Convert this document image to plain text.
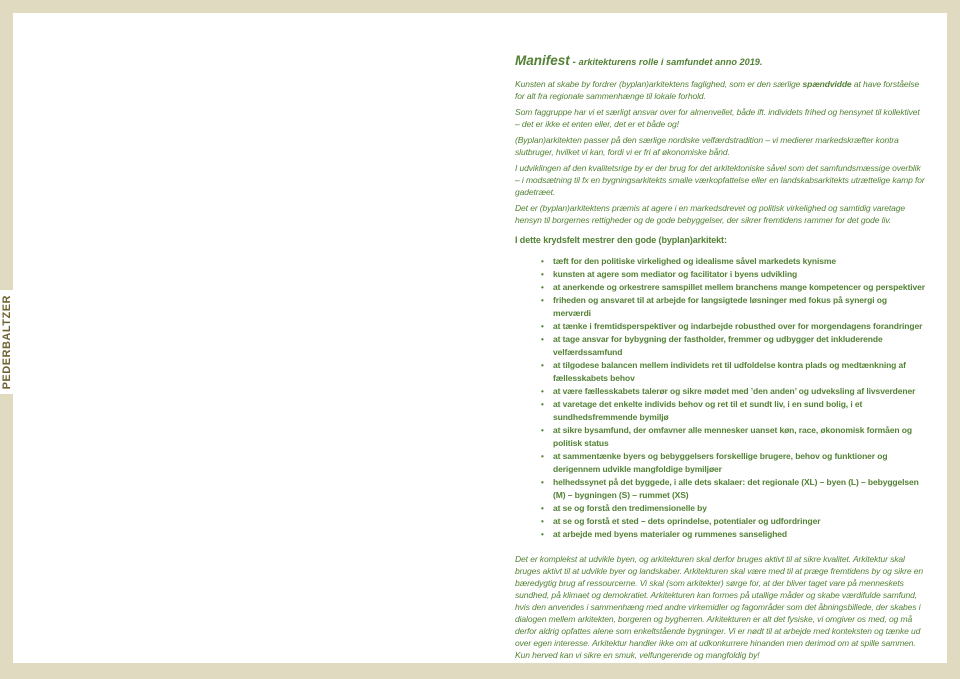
Manifest - arkitekturens rolle i samfundet anno 2019.

Kunsten at skabe by fordrer (byplan)arkitektens faglighed, som er den særlige spændvidde at have forståelse for alt fra regionale sammenhænge til lokale forhold.

Som faggruppe har vi et særligt ansvar over for almenvellet, både ift. individets frihed og hensynet til kollektivet – det er ikke et enten eller, det er et både og!

(Byplan)arkitekten passer på den særlige nordiske velfærdstradition – vi medierer markedskræfter kontra slutbruger, hvilket vi kan, fordi vi er fri af økonomiske bånd.

I udviklingen af den kvalitetsrige by er der brug for det arkitektoniske såvel som det samfundsmæssige overblik – i modsætning til fx en bygningsarkitekts smalle værkopfattelse eller en landskabsarkitekts utrættelige kamp for gadetræet.

Det er (byplan)arkitektens præmis at agere i en markedsdrevet og politisk virkelighed og samtidig varetage hensyn til borgernes rettigheder og de gode bebyggelser, der sikrer fremtidens rammer for det gode liv.

I dette krydsfelt mestrer den gode (byplan)arkitekt:
•	tæft for den politiske virkelighed og idealisme såvel markedets kynisme
•	kunsten at agere som mediator og facilitator i byens udvikling
•	at anerkende og orkestrere samspillet mellem branchens mange kompetencer og perspektiver
•	friheden og ansvaret til at arbejde for langsigtede løsninger med fokus på synergi og merværdi
•	at tænke i fremtidsperspektiver og indarbejde robusthed over for morgendagens forandringer
•	at tage ansvar for bybygning der fastholder, fremmer og udbygger det inkluderende velfærdssamfund
•	at tilgodese balancen mellem individets ret til udfoldelse kontra plads og medtænkning af fællesskabets behov
•	at være fællesskabets talerør og sikre mødet med ’den anden’ og udveksling af livsverdener
•	at varetage det enkelte individs behov og ret til et sundt liv, i en sund bolig, i et sundhedsfremmende bymiljø
•	at sikre bysamfund, der omfavner alle mennesker uanset køn, race, økonomisk formåen og politisk status
•	at sammentænke byers og bebyggelsers forskellige brugere, behov og funktioner og derigennem udvikle mangfoldige bymiljøer
•	helhedssynet på det byggede, i alle dets skalaer: det regionale (XL) – byen (L) – bebyggelsen (M) – bygningen (S) – rummet (XS)
•	at se og forstå den tredimensionelle by
•	at se og forstå et sted – dets oprindelse, potentialer og udfordringer
•	at arbejde med byens materialer og rummenes sanselighed

Det er komplekst at udvikle byen, og arkitekturen skal derfor bruges aktivt til at sikre kvalitet. Arkitektur skal bruges aktivt til at udvikle byer og landskaber. Arkitekturen skal være med til at præge fremtidens by og sikre en bæredygtig brug af ressourcerne. Vi skal (som arkitekter) sørge for, at der bliver taget vare på menneskets sundhed, på klimaet og demokratiet. Arkitekturen kan formes på utallige måder og skabe værdifulde samfund, hvis den anvendes i sammenhæng med andre virkemidler og fagområder som det åbningsbillede, der skabes i dialogen mellem arkitekten, borgeren og bygherren. Arkitekturen er alt det fysiske, vi omgiver os med, og må derfor aldrig opfattes alene som enkeltstående bygninger. Vi er nødt til at arbejde med konteksten og tænke ud over egen interesse. Arkitektur handler ikke om at udkonkurrere hinanden men derimod om at spille sammen. Kun herved kan vi sikre en smuk, velfungerende og mangfoldig by!

PEDERBALTZER
